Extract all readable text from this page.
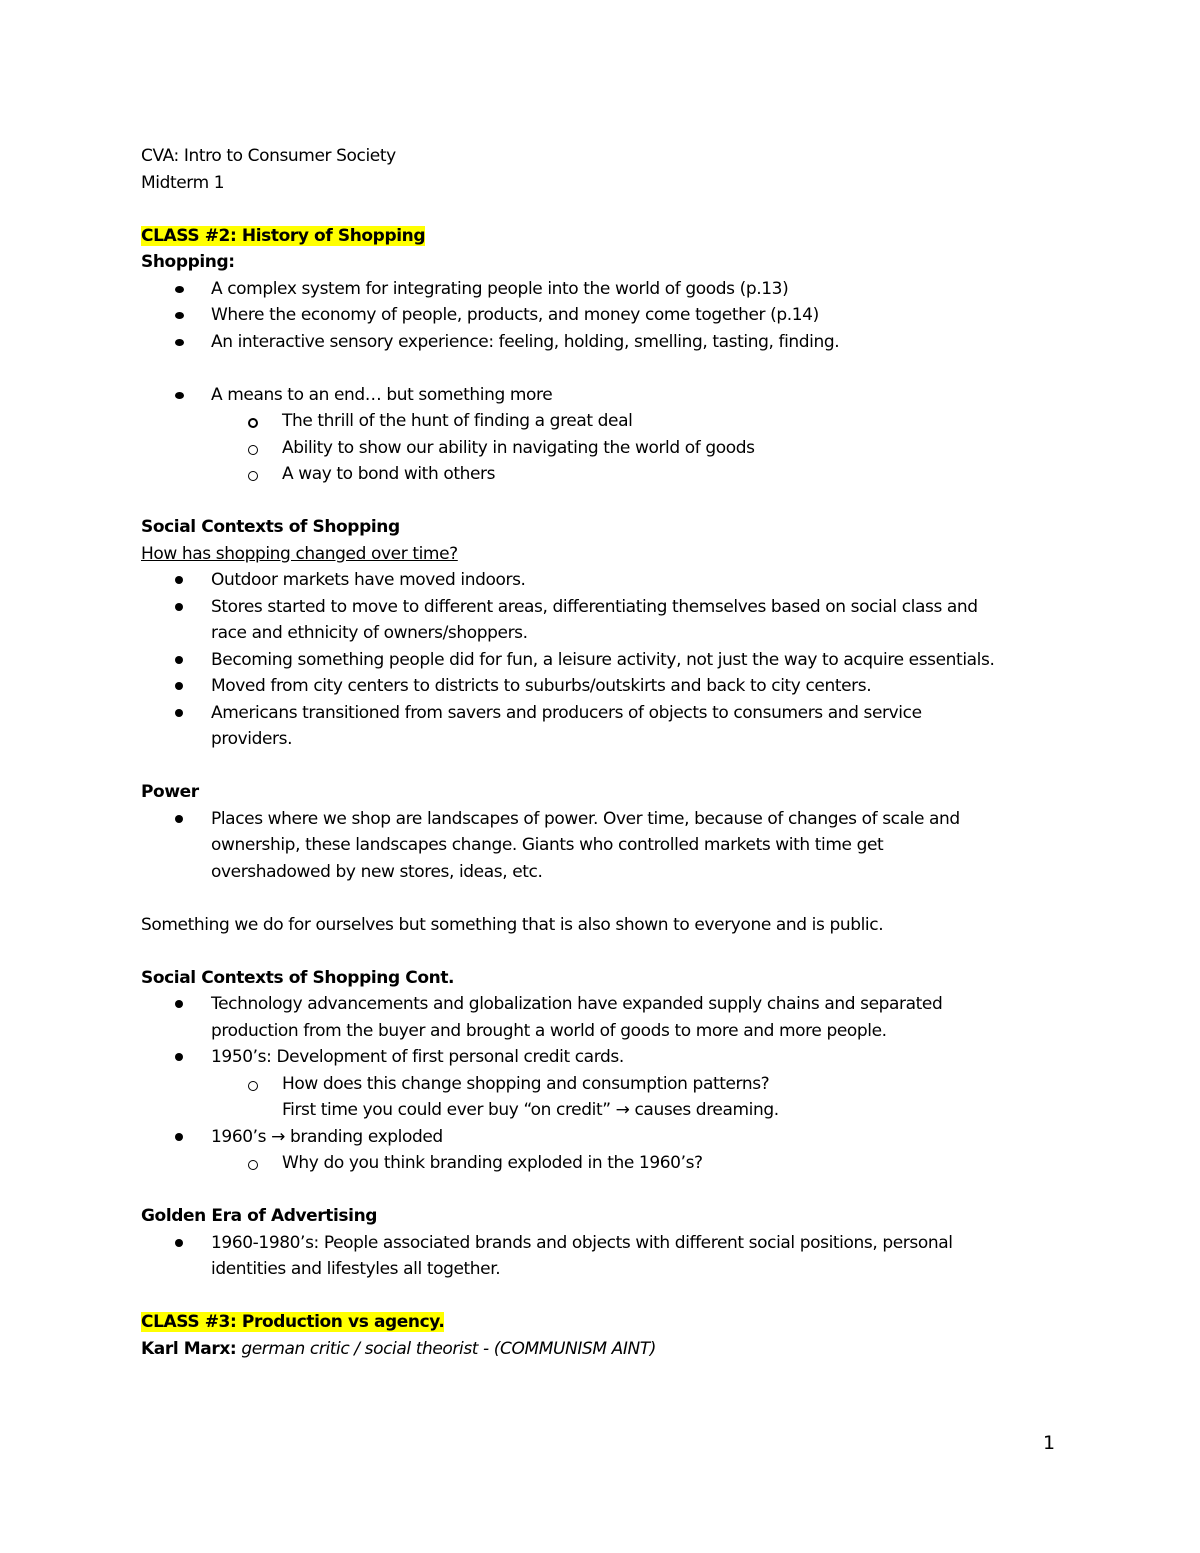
CVA: Intro to Consumer Society

Midterm 1

CLASS #2: History of Shopping

Shopping:

A complex system for integrating people into the world of goods (p.13)
Where the economy of people, products, and money come together (p.14)
An interactive sensory experience: feeling, holding, smelling, tasting, finding.
A means to an end… but something more
The thrill of the hunt of finding a great deal
Ability to show our ability in navigating the world of goods
A way to bond with others

Social Contexts of Shopping

How has shopping changed over time?

Outdoor markets have moved indoors.
Stores started to move to different areas, differentiating themselves based on social class and
race and ethnicity of owners/shoppers.
Becoming something people did for fun, a leisure activity, not just the way to acquire essentials.
Moved from city centers to districts to suburbs/outskirts and back to city centers.
Americans transitioned from savers and producers of objects to consumers and service
providers.

Power

Places where we shop are landscapes of power. Over time, because of changes of scale and
ownership, these landscapes change. Giants who controlled markets with time get
overshadowed by new stores, ideas, etc.

Something we do for ourselves but something that is also shown to everyone and is public.

Social Contexts of Shopping Cont.

Technology advancements and globalization have expanded supply chains and separated
production from the buyer and brought a world of goods to more and more people.
1950’s: Development of first personal credit cards.
How does this change shopping and consumption patterns?
First time you could ever buy “on credit” → causes dreaming.
1960’s → branding exploded
Why do you think branding exploded in the 1960’s?

Golden Era of Advertising

1960-1980’s: People associated brands and objects with different social positions, personal
identities and lifestyles all together.

CLASS #3: Production vs agency.

Karl Marx: german critic / social theorist - (COMMUNISM AINT)

1
